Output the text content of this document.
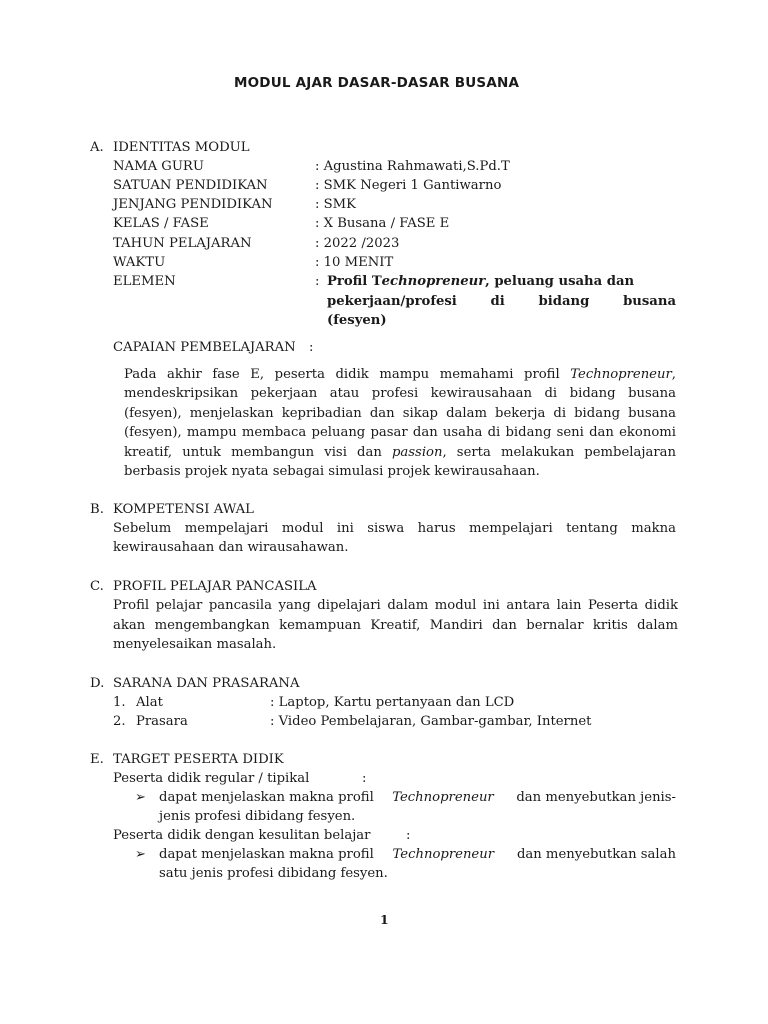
MODUL AJAR DASAR-DASAR BUSANA
A. IDENTITAS MODUL
NAMA GURU	: Agustina Rahmawati,S.Pd.T
SATUAN PENDIDIKAN	: SMK Negeri 1 Gantiwarno
JENJANG PENDIDIKAN	: SMK
KELAS / FASE	: X Busana / FASE E
TAHUN PELAJARAN	: 2022 /2023
WAKTU	: 10 MENIT
ELEMEN	: Profil Technopreneur, peluang usaha dan
pekerjaan/profesi di bidang busana
(fesyen)
CAPAIAN PEMBELAJARAN :
Pada akhir fase E, peserta didik mampu memahami profil Technopreneur,
mendeskripsikan pekerjaan atau profesi kewirausahaan di bidang busana
(fesyen), menjelaskan kepribadian dan sikap dalam bekerja di bidang busana
(fesyen), mampu membaca peluang pasar dan usaha di bidang seni dan ekonomi
kreatif, untuk membangun visi dan passion, serta melakukan pembelajaran
berbasis projek nyata sebagai simulasi projek kewirausahaan.
B. KOMPETENSI AWAL
Sebelum mempelajari modul ini siswa harus mempelajari tentang makna
kewirausahaan dan wirausahawan.
C. PROFIL PELAJAR PANCASILA
Profil pelajar pancasila yang dipelajari dalam modul ini antara lain Peserta didik
akan mengembangkan kemampuan Kreatif, Mandiri dan bernalar kritis dalam
menyelesaikan masalah.
D. SARANA DAN PRASARANA
1. Alat	: Laptop, Kartu pertanyaan dan LCD
2. Prasara	: Video Pembelajaran, Gambar-gambar, Internet
E. TARGET PESERTA DIDIK
Peserta didik regular / tipikal	:
➢ dapat menjelaskan makna profil Technopreneur dan menyebutkan jenis-
jenis profesi dibidang fesyen.
Peserta didik dengan kesulitan belajar	:
➢ dapat menjelaskan makna profil Technopreneur dan menyebutkan salah
satu jenis profesi dibidang fesyen.
1
